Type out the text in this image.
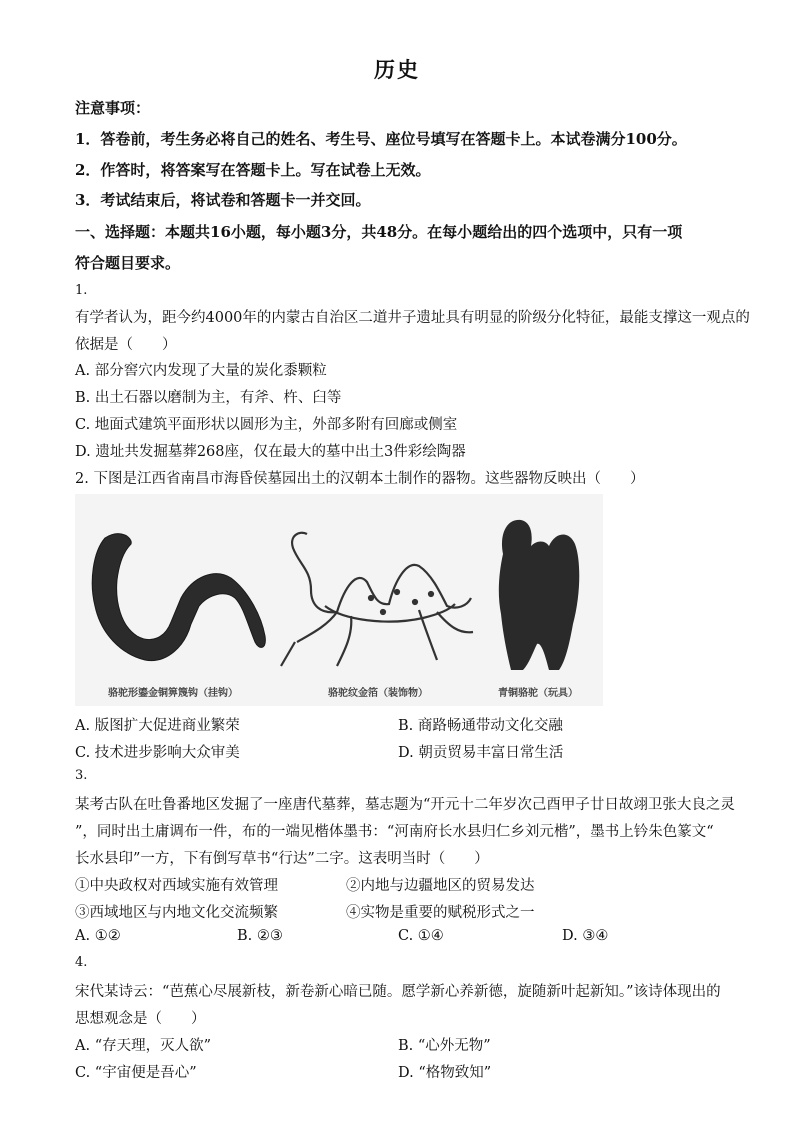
历史
注意事项：
1．答卷前，考生务必将自己的姓名、考生号、座位号填写在答题卡上。本试卷满分100分。
2．作答时，将答案写在答题卡上。写在试卷上无效。
3．考试结束后，将试卷和答题卡一并交回。
一、选择题：本题共16小题，每小题3分，共48分。在每小题给出的四个选项中，只有一项
符合题目要求。
1.
有学者认为，距今约4000年的内蒙古自治区二道井子遗址具有明显的阶级分化特征，最能支撑这一观点的
依据是（　　）
A. 部分窖穴内发现了大量的炭化黍颗粒
B. 出土石器以磨制为主，有斧、杵、臼等
C. 地面式建筑平面形状以圆形为主，外部多附有回廊或侧室
D. 遗址共发掘墓葬268座，仅在最大的墓中出土3件彩绘陶器
2. 下图是江西省南昌市海昏侯墓园出土的汉朝本土制作的器物。这些器物反映出（　　）
骆驼形鎏金铜箅篾钩（挂钩）	骆驼纹金箔（装饰物）	青铜骆驼（玩具）
A. 版图扩大促进商业繁荣	B. 商路畅通带动文化交融
C. 技术进步影响大众审美	D. 朝贡贸易丰富日常生活
3.
某考古队在吐鲁番地区发掘了一座唐代墓葬，墓志题为“开元十二年岁次己酉甲子廿日故翊卫张大良之灵
”，同时出土庸调布一件，布的一端见楷体墨书：“河南府长水县归仁乡刘元楷”，墨书上钤朱色篆文“
长水县印”一方，下有倒写草书“行达”二字。这表明当时（　　）
①中央政权对西域实施有效管理	②内地与边疆地区的贸易发达
③西域地区与内地文化交流频繁	④实物是重要的赋税形式之一
A. ①②	B. ②③	C. ①④	D. ③④
4.
宋代某诗云：“芭蕉心尽展新枝，新卷新心暗已随。愿学新心养新德，旋随新叶起新知。”该诗体现出的
思想观念是（　　）
A. “存天理，灭人欲”	B. “心外无物”
C. “宇宙便是吾心”	D. “格物致知”
